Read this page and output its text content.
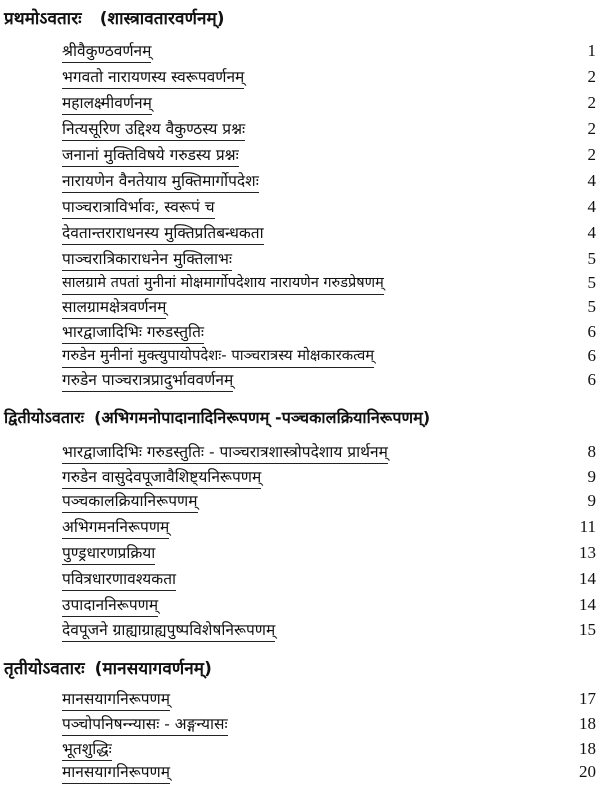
प्रथमोऽवतारः (शास्त्रावतारवर्णनम्)
श्रीवैकुण्ठवर्णनम्	1
भगवतो नारायणस्य स्वरूपवर्णनम्	2
महालक्ष्मीवर्णनम्	2
नित्यसूरिण उद्दिश्य वैकुण्ठस्य प्रश्नः	2
जनानां मुक्तिविषये गरुडस्य प्रश्नः	2
नारायणेन वैनतेयाय मुक्तिमार्गोपदेशः	4
पाञ्चरात्राविर्भावः, स्वरूपं च	4
देवतान्तराराधनस्य मुक्तिप्रतिबन्धकता	4
पाञ्चरात्रिकाराधनेन मुक्तिलाभः	5
सालग्रामे तपतां मुनीनां मोक्षमार्गोपदेशाय नारायणेन गरुडप्रेषणम्	5
सालग्रामक्षेत्रवर्णनम्	5
भारद्वाजादिभिः गरुडस्तुतिः	6
गरुडेन मुनीनां मुक्त्युपायोपदेशः- पाञ्चरात्रस्य मोक्षकारकत्वम्	6
गरुडेन पाञ्चरात्रप्रादुर्भाववर्णनम्	6
द्वितीयोऽवतारः (अभिगमनोपादानादिनिरूपणम् -पञ्चकालक्रियानिरूपणम्)
भारद्वाजादिभिः गरुडस्तुतिः - पाञ्चरात्रशास्त्रोपदेशाय प्रार्थनम्	8
गरुडेन वासुदेवपूजावैशिष्ट्यनिरूपणम्	9
पञ्चकालक्रियानिरूपणम्	9
अभिगमननिरूपणम्	11
पुण्ड्रधारणप्रक्रिया	13
पवित्रधारणावश्यकता	14
उपादाननिरूपणम्	14
देवपूजने ग्राह्याग्राह्यपुष्पविशेषनिरूपणम्	15
तृतीयोऽवतारः (मानसयागवर्णनम्)
मानसयागनिरूपणम्	17
पञ्चोपनिषन्न्यासः - अङ्गन्यासः	18
भूतशुद्धिः	18
मानसयागनिरूपणम्	20
